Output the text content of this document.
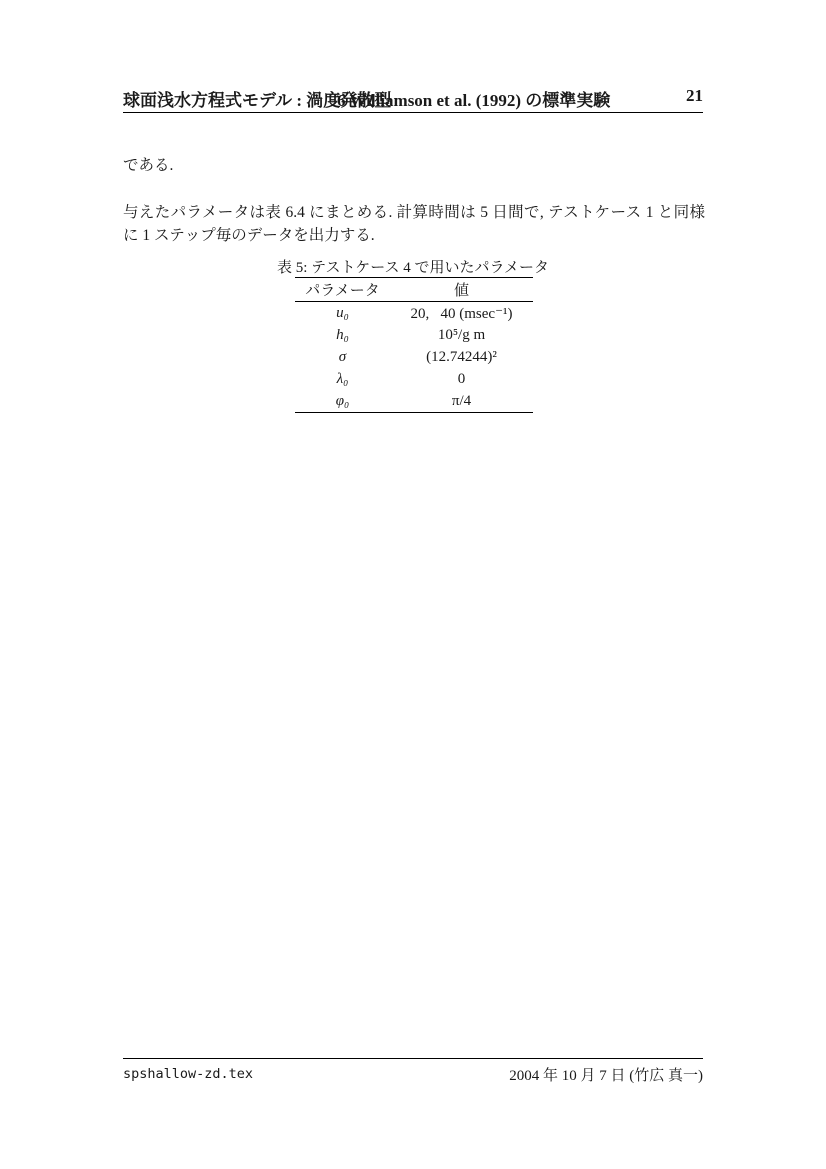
球面浅水方程式モデル : 渦度発散型
6 Williamson et al. (1992) の標準実験	21

である.

与えたパラメータは表 6.4 にまとめる. 計算時間は 5 日間で, テストケース 1 と同様に 1 ステップ毎のデータを出力する.

表 5: テストケース 4 で用いたパラメータ
パラメータ	値
u₀	20,   40 (msec⁻¹)
h₀	10⁵/g m
σ	(12.74244)²
λ₀	0
φ₀	π/4
spshallow-zd.tex	2004 年 10 月 7 日 (竹広 真一)
